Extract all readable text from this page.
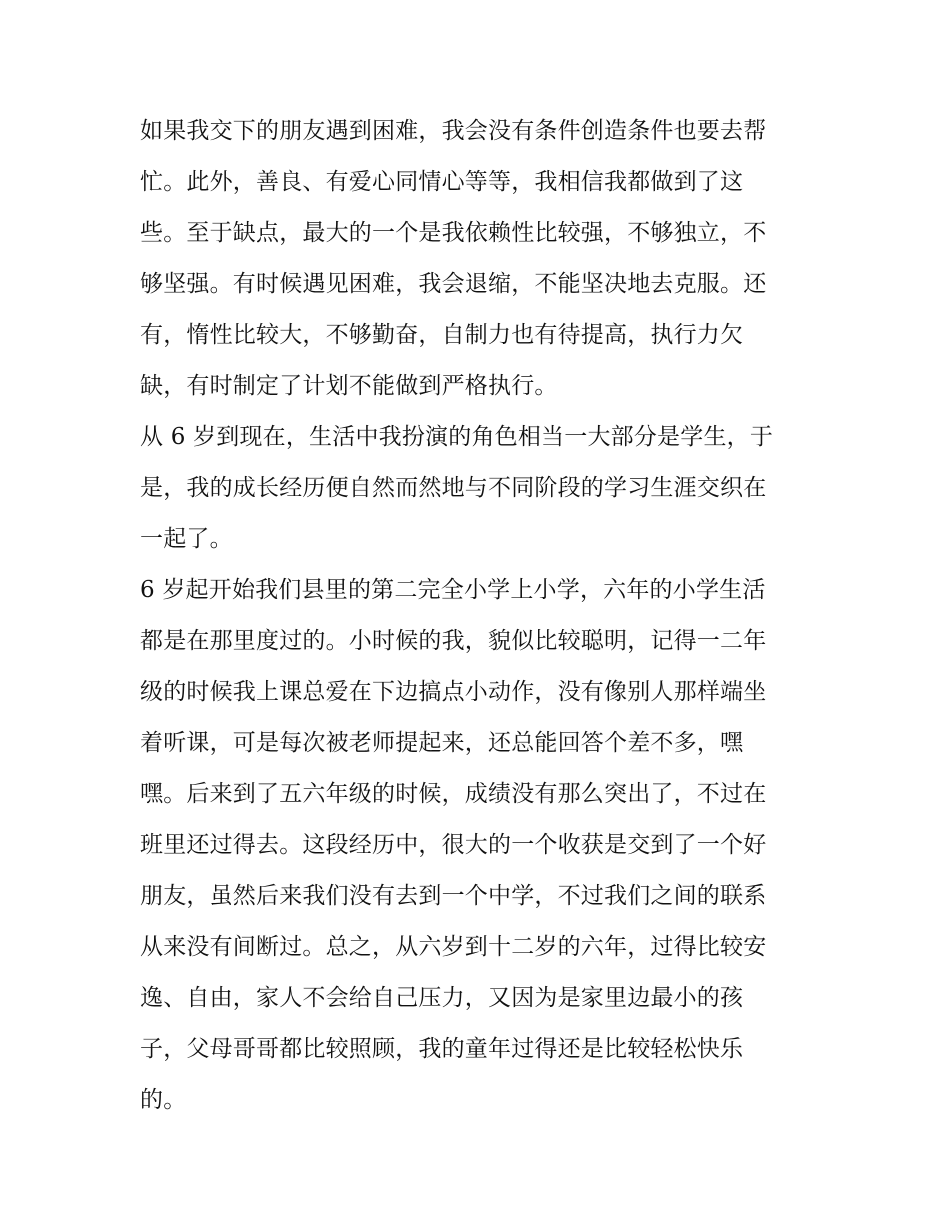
如果我交下的朋友遇到困难，我会没有条件创造条件也要去帮
忙。此外，善良、有爱心同情心等等，我相信我都做到了这
些。至于缺点，最大的一个是我依赖性比较强，不够独立，不
够坚强。有时候遇见困难，我会退缩，不能坚决地去克服。还
有，惰性比较大，不够勤奋，自制力也有待提高，执行力欠
缺，有时制定了计划不能做到严格执行。
从 6 岁到现在，生活中我扮演的角色相当一大部分是学生，于
是，我的成长经历便自然而然地与不同阶段的学习生涯交织在
一起了。
6 岁起开始我们县里的第二完全小学上小学，六年的小学生活
都是在那里度过的。小时候的我，貌似比较聪明，记得一二年
级的时候我上课总爱在下边搞点小动作，没有像别人那样端坐
着听课，可是每次被老师提起来，还总能回答个差不多，嘿
嘿。后来到了五六年级的时候，成绩没有那么突出了，不过在
班里还过得去。这段经历中，很大的一个收获是交到了一个好
朋友，虽然后来我们没有去到一个中学，不过我们之间的联系
从来没有间断过。总之，从六岁到十二岁的六年，过得比较安
逸、自由，家人不会给自己压力，又因为是家里边最小的孩
子，父母哥哥都比较照顾，我的童年过得还是比较轻松快乐
的。
